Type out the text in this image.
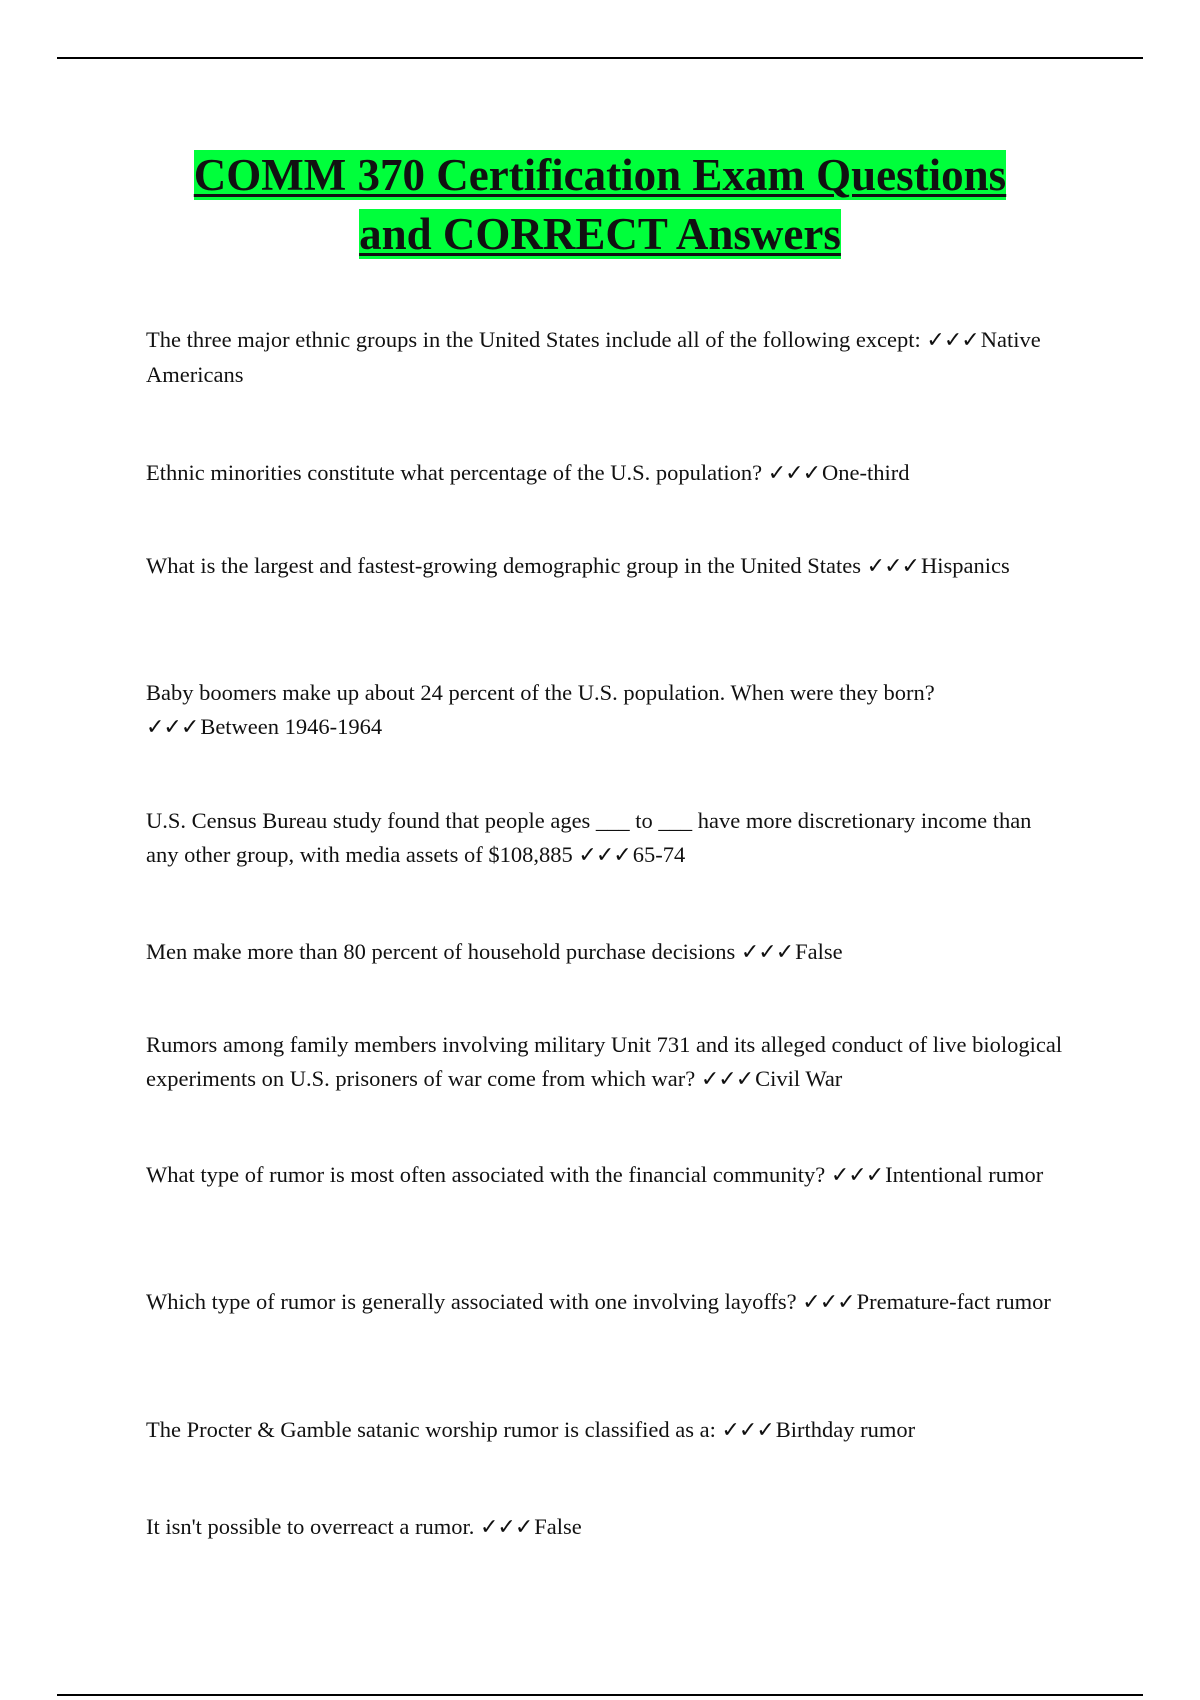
COMM 370 Certification Exam Questions
and CORRECT Answers

The three major ethnic groups in the United States include all of the following except: ✓✓✓Native Americans

Ethnic minorities constitute what percentage of the U.S. population? ✓✓✓One-third

What is the largest and fastest-growing demographic group in the United States ✓✓✓Hispanics

Baby boomers make up about 24 percent of the U.S. population. When were they born? ✓✓✓Between 1946-1964

U.S. Census Bureau study found that people ages ___ to ___ have more discretionary income than any other group, with media assets of $108,885 ✓✓✓65-74

Men make more than 80 percent of household purchase decisions ✓✓✓False

Rumors among family members involving military Unit 731 and its alleged conduct of live biological experiments on U.S. prisoners of war come from which war? ✓✓✓Civil War

What type of rumor is most often associated with the financial community? ✓✓✓Intentional rumor

Which type of rumor is generally associated with one involving layoffs? ✓✓✓Premature-fact rumor

The Procter & Gamble satanic worship rumor is classified as a: ✓✓✓Birthday rumor

It isn't possible to overreact a rumor. ✓✓✓False
